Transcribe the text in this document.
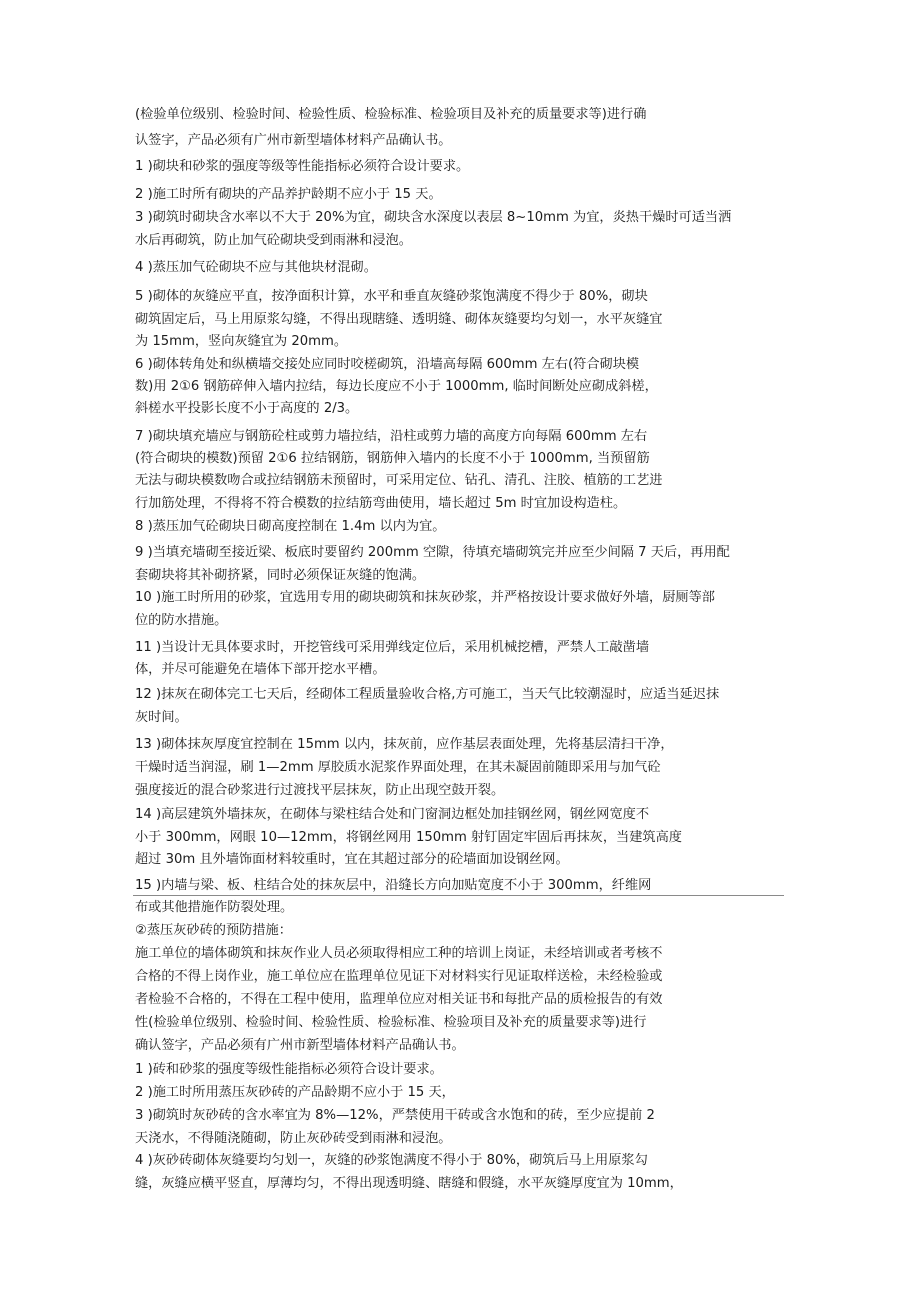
(检验单位级别、检验时间、检验性质、检验标准、检验项目及补充的质量要求等)进行确
认签字，产品必须有广州市新型墙体材料产品确认书。
1 )砌块和砂浆的强度等级等性能指标必须符合设计要求。
2 )施工时所有砌块的产品养护龄期不应小于 15 天。
3 )砌筑时砌块含水率以不大于 20%为宜，砌块含水深度以表层 8~10mm 为宜，炎热干燥时可适当洒
水后再砌筑，防止加气砼砌块受到雨淋和浸泡。
4 )蒸压加气砼砌块不应与其他块材混砌。
5 )砌体的灰缝应平直，按净面积计算，水平和垂直灰缝砂浆饱满度不得少于 80%，砌块
砌筑固定后，马上用原浆勾缝，不得出现瞎缝、透明缝、砌体灰缝要均匀划一，水平灰缝宜
为 15mm，竖向灰缝宜为 20mm。
6 )砌体转角处和纵横墙交接处应同时咬槎砌筑，沿墙高每隔 600mm 左右(符合砌块模
数)用 2①6 钢筋碎伸入墙内拉结，每边长度应不小于 1000mm, 临时间断处应砌成斜槎，
斜槎水平投影长度不小于高度的 2/3。
7 )砌块填充墙应与钢筋砼柱或剪力墙拉结，沿柱或剪力墙的高度方向每隔 600mm 左右
(符合砌块的模数)预留 2①6 拉结钢筋，钢筋伸入墙内的长度不小于 1000mm, 当预留筋
无法与砌块模数吻合或拉结钢筋未预留时，可采用定位、钻孔、清孔、注胶、植筋的工艺进
行加筋处理，不得将不符合模数的拉结筋弯曲使用，墙长超过 5m 时宜加设构造柱。
8 )蒸压加气砼砌块日砌高度控制在 1.4m 以内为宜。
9 )当填充墙砌至接近梁、板底时要留约 200mm 空隙，待填充墙砌筑完并应至少间隔 7 天后，再用配
套砌块将其补砌挤紧，同时必须保证灰缝的饱满。
10 )施工时所用的砂浆，宜选用专用的砌块砌筑和抹灰砂浆，并严格按设计要求做好外墙，厨厕等部
位的防水措施。
11 )当设计无具体要求时，开挖管线可采用弹线定位后，采用机械挖槽，严禁人工敲凿墙
体，并尽可能避免在墙体下部开挖水平槽。
12 )抹灰在砌体完工七天后，经砌体工程质量验收合格,方可施工，当天气比较潮湿时，应适当延迟抹
灰时间。
13 )砌体抹灰厚度宜控制在 15mm 以内，抹灰前，应作基层表面处理，先将基层清扫干净，
干燥时适当润湿，刷 1—2mm 厚胶质水泥浆作界面处理，在其未凝固前随即采用与加气砼
强度接近的混合砂浆进行过渡找平层抹灰，防止出现空鼓开裂。
14 )高层建筑外墙抹灰，在砌体与梁柱结合处和门窗洞边框处加挂钢丝网，钢丝网宽度不
小于 300mm，网眼 10—12mm，将钢丝网用 150mm 射钉固定牢固后再抹灰，当建筑高度
超过 30m 且外墙饰面材料较重时，宜在其超过部分的砼墙面加设钢丝网。
15 )内墙与梁、板、柱结合处的抹灰层中，沿缝长方向加贴宽度不小于 300mm，纤维网
布或其他措施作防裂处理。
②蒸压灰砂砖的预防措施：
施工单位的墙体砌筑和抹灰作业人员必须取得相应工种的培训上岗证，未经培训或者考核不
合格的不得上岗作业，施工单位应在监理单位见证下对材料实行见证取样送检，未经检验或
者检验不合格的，不得在工程中使用，监理单位应对相关证书和每批产品的质检报告的有效
性(检验单位级别、检验时间、检验性质、检验标准、检验项目及补充的质量要求等)进行
确认签字，产品必须有广州市新型墙体材料产品确认书。
1 )砖和砂浆的强度等级性能指标必须符合设计要求。
2 )施工时所用蒸压灰砂砖的产品龄期不应小于 15 天，
3 )砌筑时灰砂砖的含水率宜为 8%—12%，严禁使用干砖或含水饱和的砖，至少应提前 2
天浇水，不得随浇随砌，防止灰砂砖受到雨淋和浸泡。
4 )灰砂砖砌体灰缝要均匀划一，灰缝的砂浆饱满度不得小于 80%，砌筑后马上用原浆勾
缝，灰缝应横平竖直，厚薄均匀，不得出现透明缝、瞎缝和假缝，水平灰缝厚度宜为 10mm，
